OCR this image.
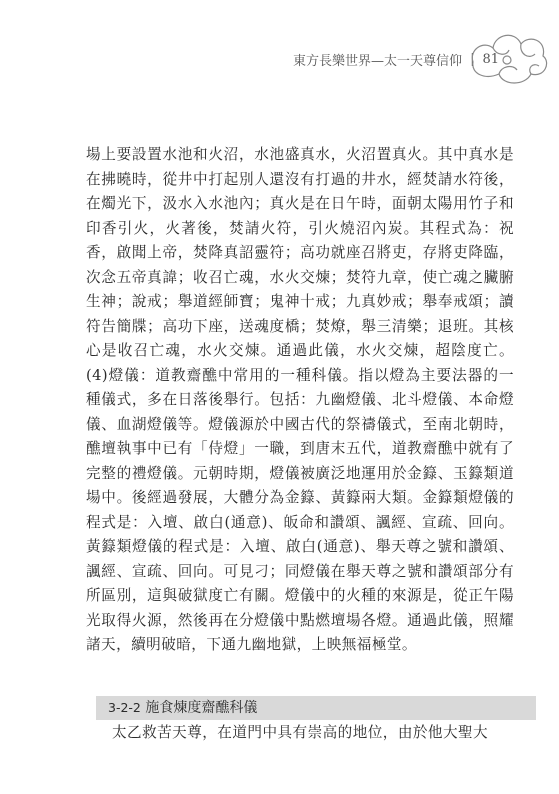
東方長樂世界—太一天尊信仰 | 81

場上要設置水池和火沼，水池盛真水，火沼置真火。其中真水是在拂曉時，從井中打起別人還沒有打過的井水，經焚請水符後，在燭光下，汲水入水池內；真火是在日午時，面朝太陽用竹子和印香引火，火著後，焚請火符，引火燒沼內炭。其程式為：祝香，啟聞上帝，焚降真詔靈符；高功就座召將吏，存將吏降臨，次念五帝真諱；收召亡魂，水火交煉；焚符九章，使亡魂之臟腑生神；說戒；舉道經師寶；鬼神十戒；九真妙戒；舉奉戒頌；讀符告簡牒；高功下座，送魂度橋；焚燎，舉三清樂；退班。其核心是收召亡魂，水火交煉。通過此儀，水火交煉，超陰度亡。(4)燈儀：道教齋醮中常用的一種科儀。指以燈為主要法器的一種儀式，多在日落後舉行。包括：九幽燈儀、北斗燈儀、本命燈儀、血湖燈儀等。燈儀源於中國古代的祭禱儀式，至南北朝時，醮壇執事中已有「侍燈」一職，到唐末五代，道教齋醮中就有了完整的禮燈儀。元朝時期，燈儀被廣泛地運用於金籙、玉籙類道場中。後經過發展，大體分為金籙、黃籙兩大類。金籙類燈儀的程式是：入壇、啟白(通意)、皈命和讚頌、諷經、宣疏、回向。黃籙類燈儀的程式是：入壇、啟白(通意)、舉天尊之號和讚頌、諷經、宣疏、回向。可見刁；同燈儀在舉天尊之號和讚頌部分有所區別，這與破獄度亡有關。燈儀中的火種的來源是，從正午陽光取得火源，然後再在分燈儀中點燃壇場各燈。通過此儀，照耀諸天，續明破暗，下通九幽地獄，上映無福極堂。

3-2-2 施食煉度齋醮科儀
太乙救苦天尊，在道門中具有崇高的地位，由於他大聖大
